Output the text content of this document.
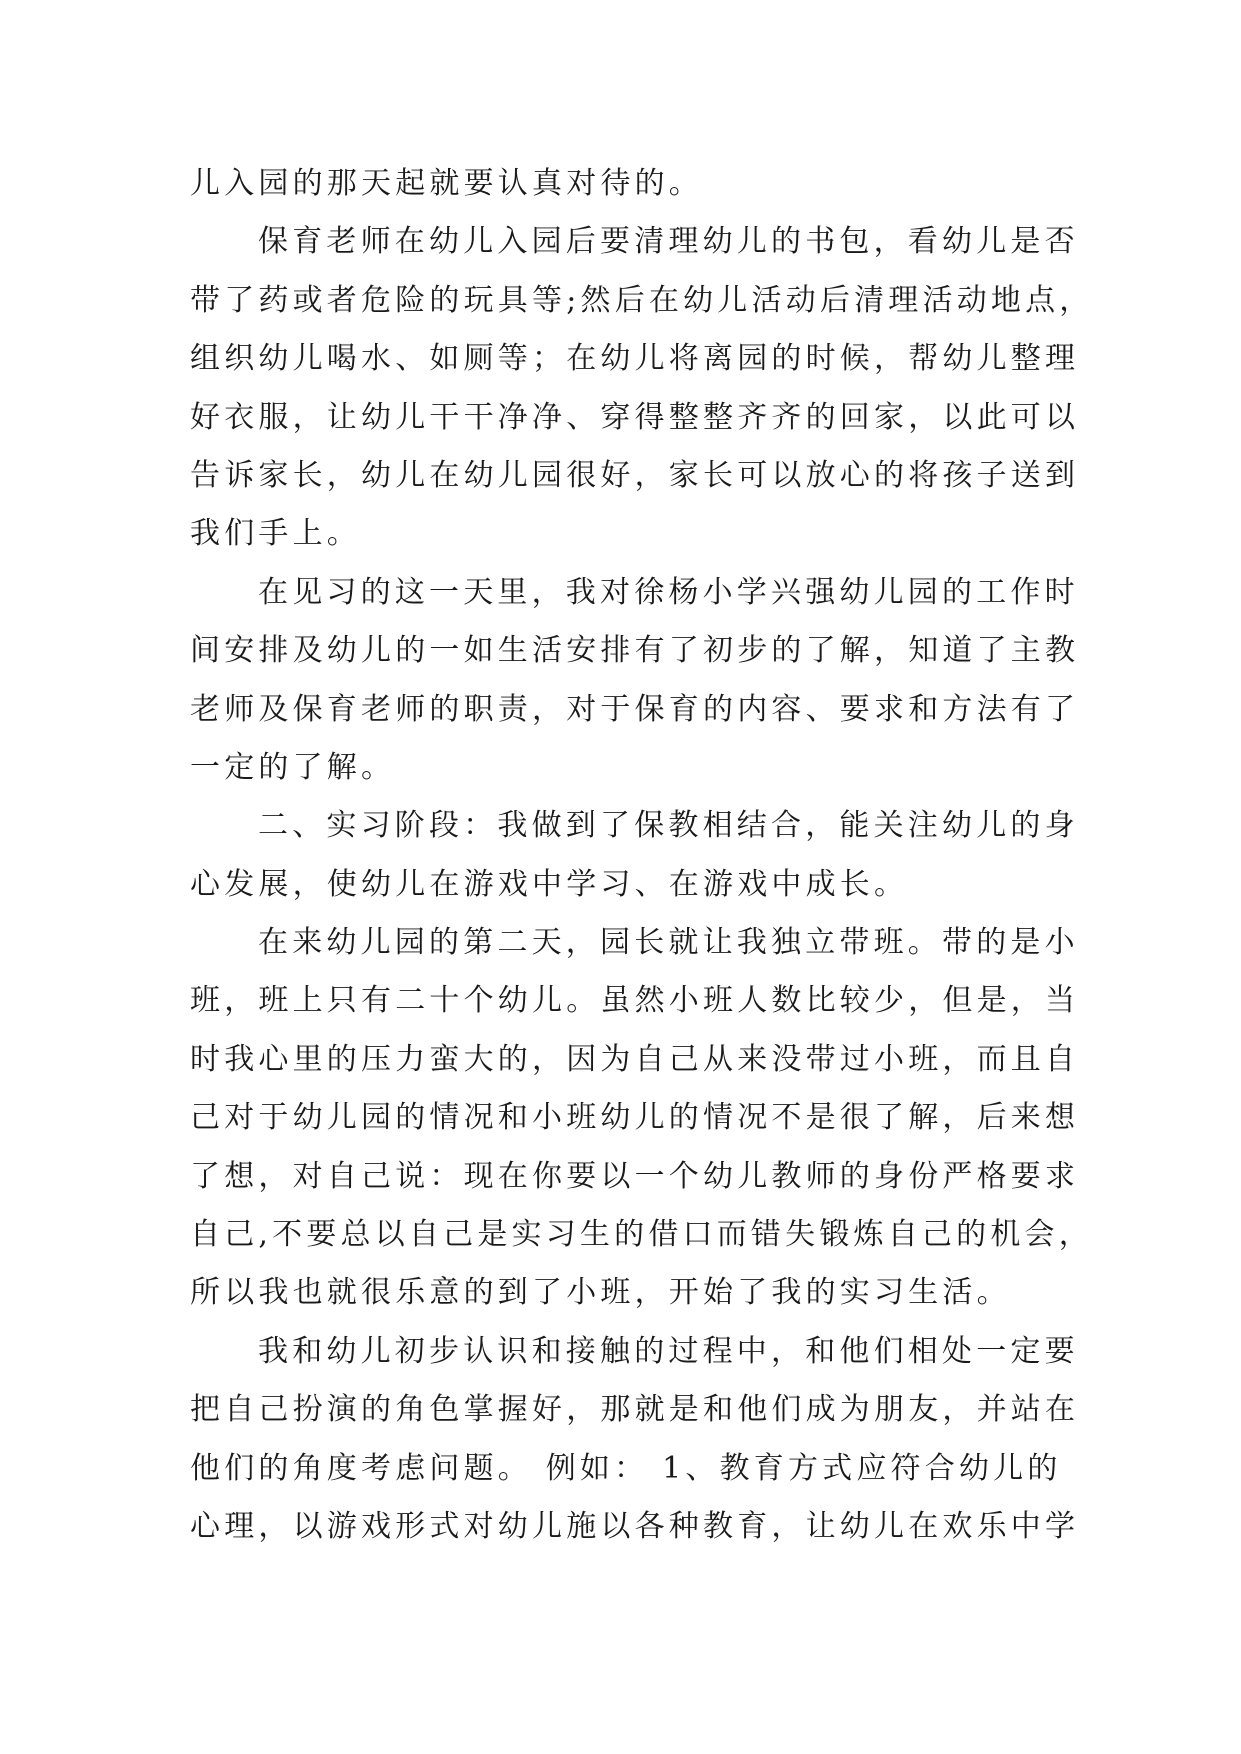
儿入园的那天起就要认真对待的。
保育老师在幼儿入园后要清理幼儿的书包，看幼儿是否
带了药或者危险的玩具等;然后在幼儿活动后清理活动地点，
组织幼儿喝水、如厕等；在幼儿将离园的时候，帮幼儿整理
好衣服，让幼儿干干净净、穿得整整齐齐的回家，以此可以
告诉家长，幼儿在幼儿园很好，家长可以放心的将孩子送到
我们手上。
在见习的这一天里，我对徐杨小学兴强幼儿园的工作时
间安排及幼儿的一如生活安排有了初步的了解，知道了主教
老师及保育老师的职责，对于保育的内容、要求和方法有了
一定的了解。
二、实习阶段：我做到了保教相结合，能关注幼儿的身
心发展，使幼儿在游戏中学习、在游戏中成长。
在来幼儿园的第二天，园长就让我独立带班。带的是小
班，班上只有二十个幼儿。虽然小班人数比较少，但是，当
时我心里的压力蛮大的，因为自己从来没带过小班，而且自
己对于幼儿园的情况和小班幼儿的情况不是很了解，后来想
了想，对自己说：现在你要以一个幼儿教师的身份严格要求
自己,不要总以自己是实习生的借口而错失锻炼自己的机会，
所以我也就很乐意的到了小班，开始了我的实习生活。
我和幼儿初步认识和接触的过程中，和他们相处一定要
把自己扮演的角色掌握好，那就是和他们成为朋友，并站在
他们的角度考虑问题。 例如： 1、教育方式应符合幼儿的
心理，以游戏形式对幼儿施以各种教育，让幼儿在欢乐中学
